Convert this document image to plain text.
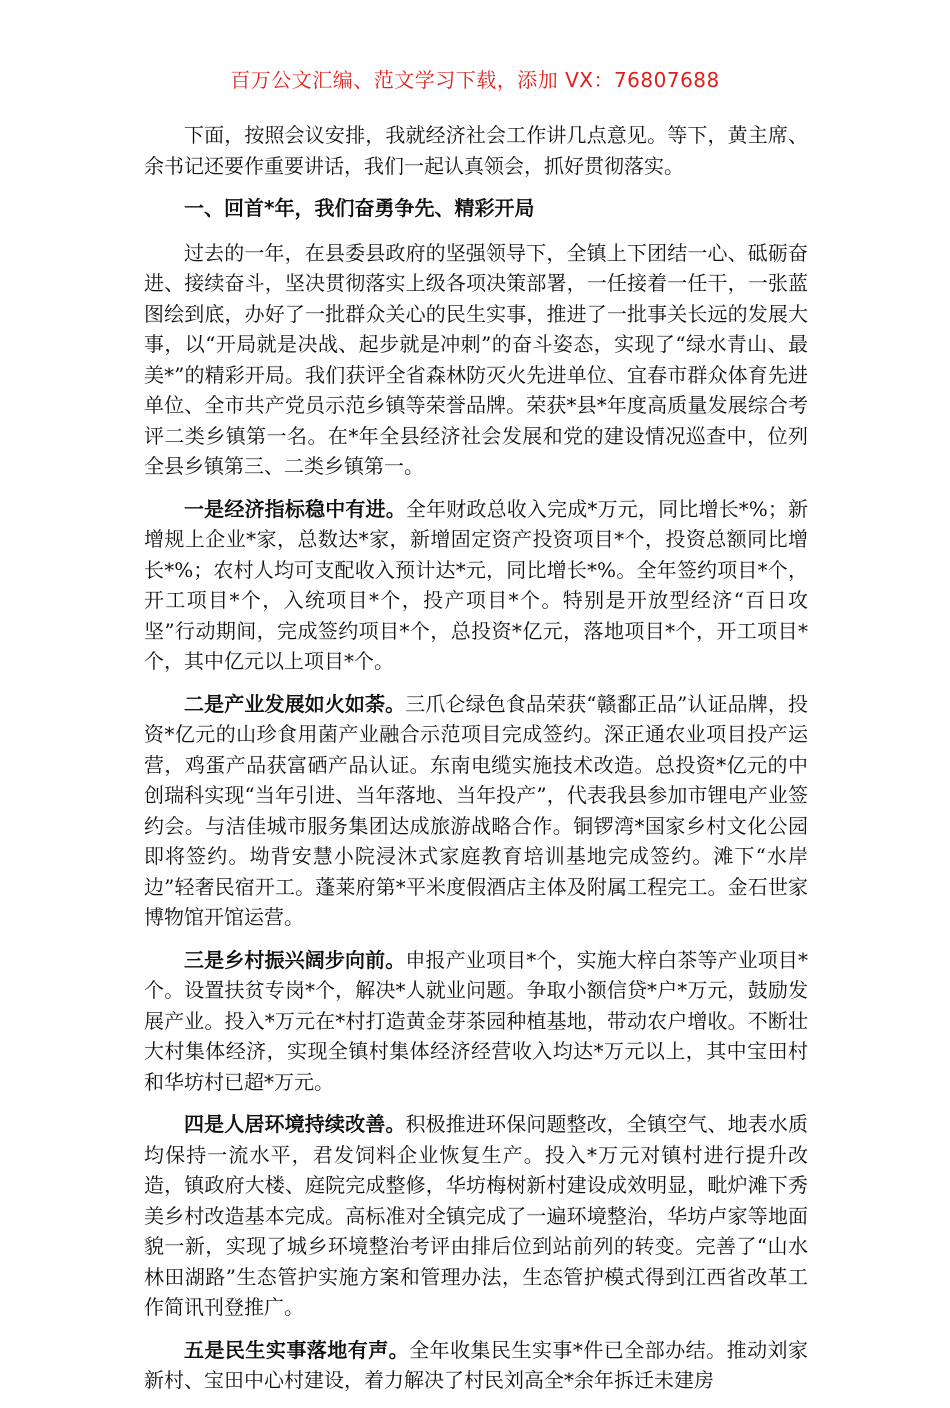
百万公文汇编、范文学习下载，添加 VX：76807688

下面，按照会议安排，我就经济社会工作讲几点意见。等下，黄主席、余书记还要作重要讲话，我们一起认真领会，抓好贯彻落实。

一、回首*年，我们奋勇争先、精彩开局

过去的一年，在县委县政府的坚强领导下，全镇上下团结一心、砥砺奋进、接续奋斗，坚决贯彻落实上级各项决策部署，一任接着一任干，一张蓝图绘到底，办好了一批群众关心的民生实事，推进了一批事关长远的发展大事，以“开局就是决战、起步就是冲刺”的奋斗姿态，实现了“绿水青山、最美*”的精彩开局。我们获评全省森林防灭火先进单位、宜春市群众体育先进单位、全市共产党员示范乡镇等荣誉品牌。荣获*县*年度高质量发展综合考评二类乡镇第一名。在*年全县经济社会发展和党的建设情况巡查中，位列全县乡镇第三、二类乡镇第一。

一是经济指标稳中有进。全年财政总收入完成*万元，同比增长*%；新增规上企业*家，总数达*家，新增固定资产投资项目*个，投资总额同比增长*%；农村人均可支配收入预计达*元，同比增长*%。全年签约项目*个，开工项目*个，入统项目*个，投产项目*个。特别是开放型经济“百日攻坚”行动期间，完成签约项目*个，总投资*亿元，落地项目*个，开工项目*个，其中亿元以上项目*个。

二是产业发展如火如荼。三爪仑绿色食品荣获“赣鄱正品”认证品牌，投资*亿元的山珍食用菌产业融合示范项目完成签约。深正通农业项目投产运营，鸡蛋产品获富硒产品认证。东南电缆实施技术改造。总投资*亿元的中创瑞科实现“当年引进、当年落地、当年投产”，代表我县参加市锂电产业签约会。与洁佳城市服务集团达成旅游战略合作。铜锣湾*国家乡村文化公园即将签约。坳背安慧小院浸沐式家庭教育培训基地完成签约。滩下“水岸边”轻奢民宿开工。蓬莱府第*平米度假酒店主体及附属工程完工。金石世家博物馆开馆运营。

三是乡村振兴阔步向前。申报产业项目*个，实施大梓白茶等产业项目*个。设置扶贫专岗*个，解决*人就业问题。争取小额信贷*户*万元，鼓励发展产业。投入*万元在*村打造黄金芽茶园种植基地，带动农户增收。不断壮大村集体经济，实现全镇村集体经济经营收入均达*万元以上，其中宝田村和华坊村已超*万元。

四是人居环境持续改善。积极推进环保问题整改，全镇空气、地表水质均保持一流水平，君发饲料企业恢复生产。投入*万元对镇村进行提升改造，镇政府大楼、庭院完成整修，华坊梅树新村建设成效明显，毗炉滩下秀美乡村改造基本完成。高标准对全镇完成了一遍环境整治，华坊卢家等地面貌一新，实现了城乡环境整治考评由排后位到站前列的转变。完善了“山水林田湖路”生态管护实施方案和管理办法，生态管护模式得到江西省改革工作简讯刊登推广。

五是民生实事落地有声。全年收集民生实事*件已全部办结。推动刘家新村、宝田中心村建设，着力解决了村民刘高全*余年拆迁未建房
